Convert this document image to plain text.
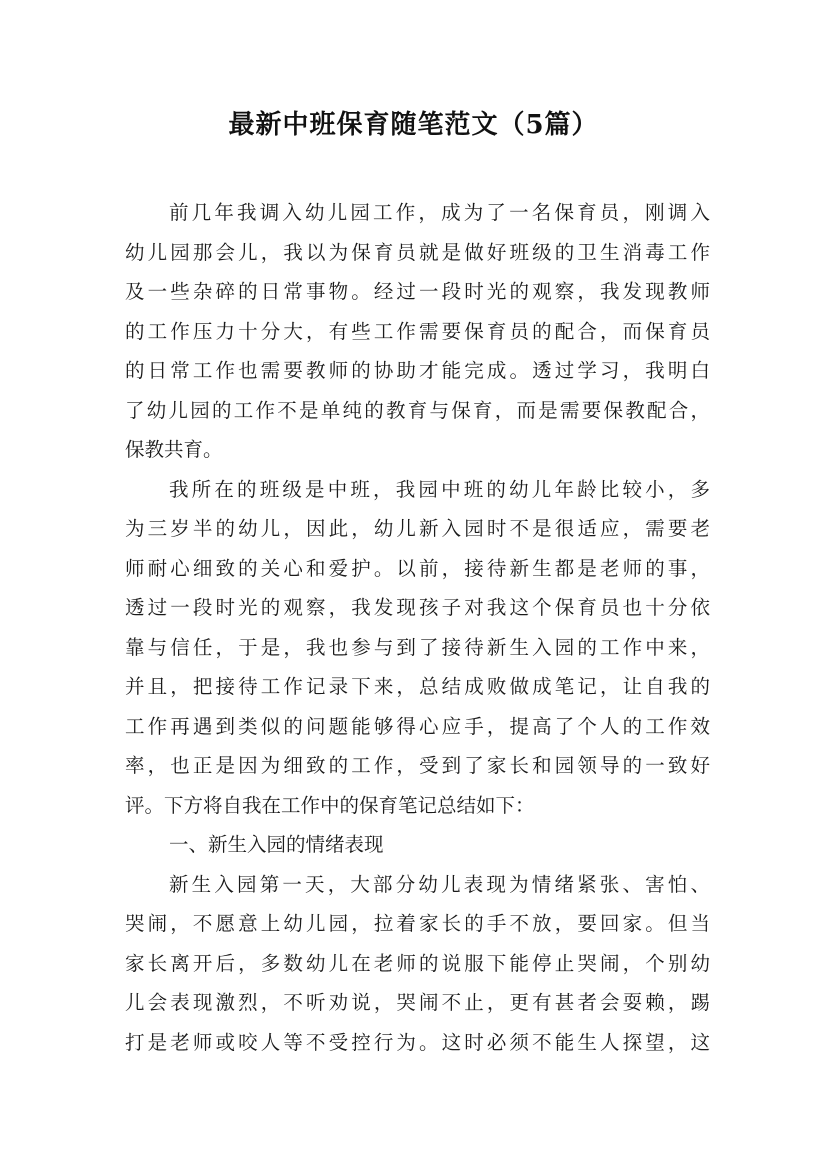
最新中班保育随笔范文（5篇）
前几年我调入幼儿园工作，成为了一名保育员，刚调入
幼儿园那会儿，我以为保育员就是做好班级的卫生消毒工作
及一些杂碎的日常事物。经过一段时光的观察，我发现教师
的工作压力十分大，有些工作需要保育员的配合，而保育员
的日常工作也需要教师的协助才能完成。透过学习，我明白
了幼儿园的工作不是单纯的教育与保育，而是需要保教配合，
保教共育。
我所在的班级是中班，我园中班的幼儿年龄比较小，多
为三岁半的幼儿，因此，幼儿新入园时不是很适应，需要老
师耐心细致的关心和爱护。以前，接待新生都是老师的事，
透过一段时光的观察，我发现孩子对我这个保育员也十分依
靠与信任，于是，我也参与到了接待新生入园的工作中来，
并且，把接待工作记录下来，总结成败做成笔记，让自我的
工作再遇到类似的问题能够得心应手，提高了个人的工作效
率，也正是因为细致的工作，受到了家长和园领导的一致好
评。下方将自我在工作中的保育笔记总结如下：
一、新生入园的情绪表现
新生入园第一天，大部分幼儿表现为情绪紧张、害怕、
哭闹，不愿意上幼儿园，拉着家长的手不放，要回家。但当
家长离开后，多数幼儿在老师的说服下能停止哭闹，个别幼
儿会表现激烈，不听劝说，哭闹不止，更有甚者会耍赖，踢
打是老师或咬人等不受控行为。这时必须不能生人探望，这
